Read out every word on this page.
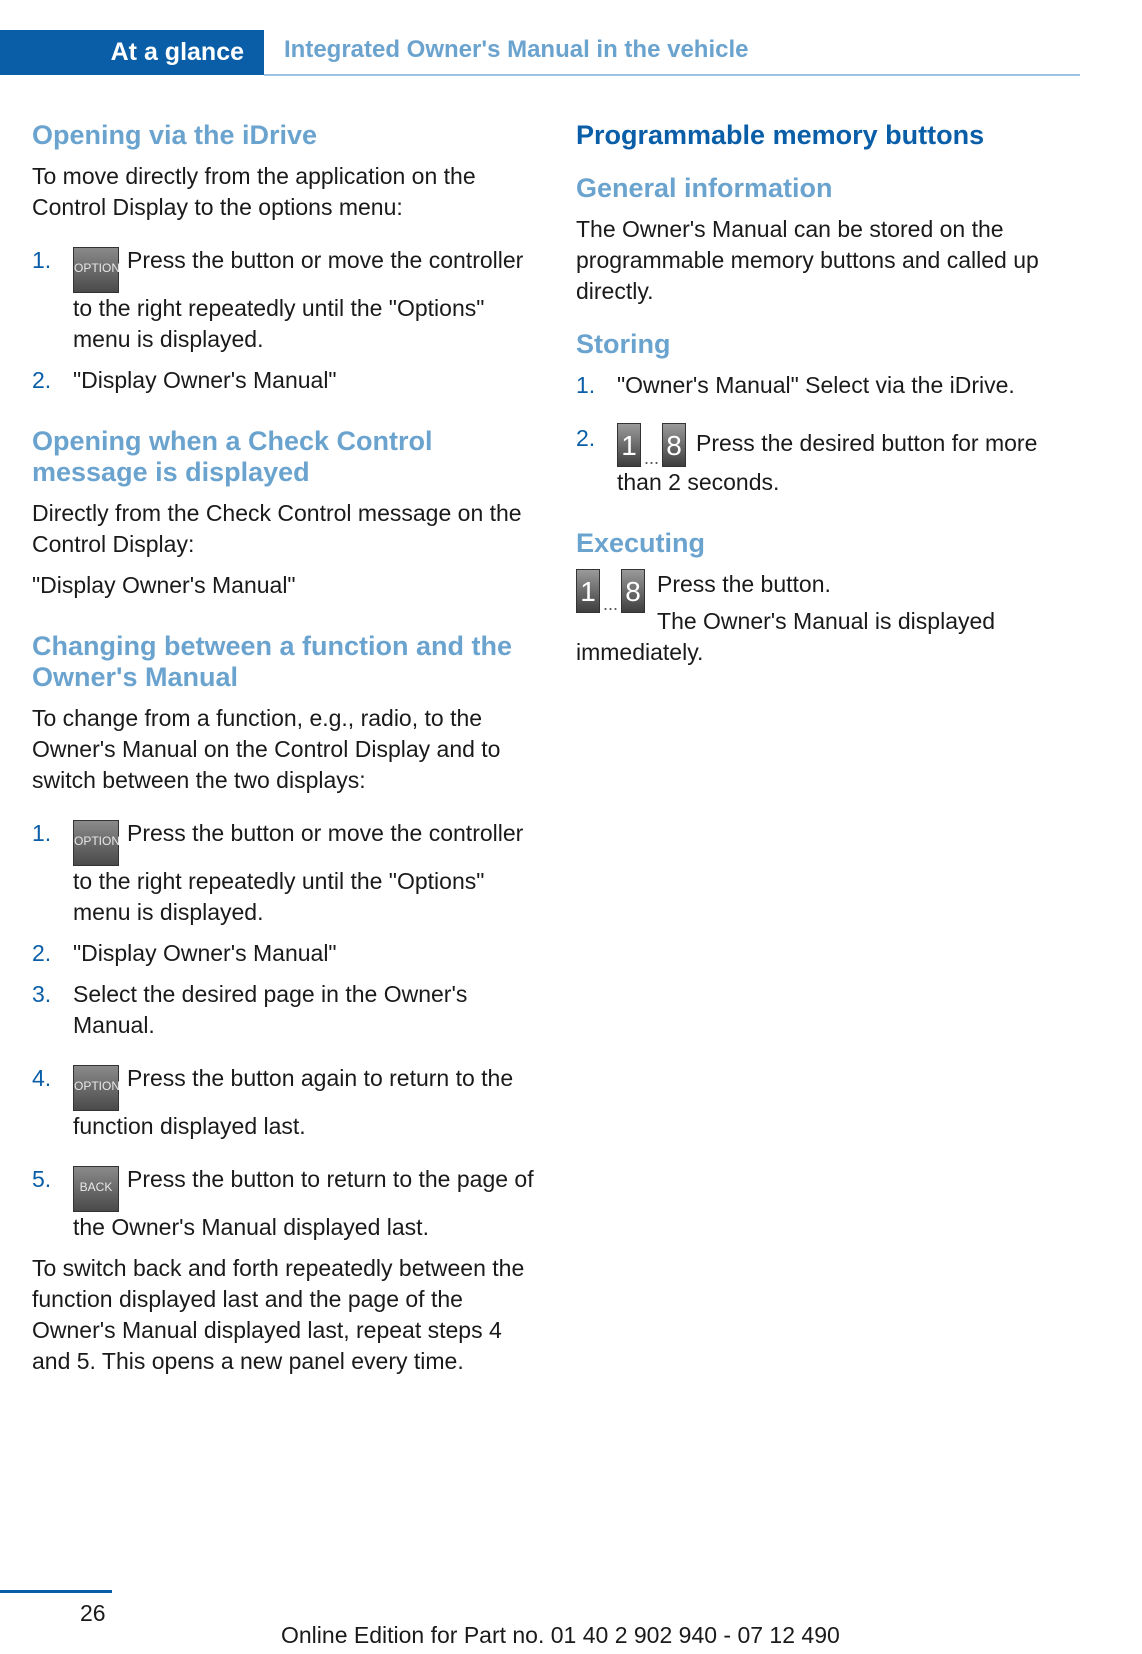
At a glance Integrated Owner's Manual in the vehicle
Opening via the iDrive

To move directly from the application on the Control Display to the options menu:

1. OPTION Press the button or move the controller to the right repeatedly until the "Options" menu is displayed.
2. "Display Owner's Manual"
Opening when a Check Control message is displayed

Directly from the Check Control message on the Control Display:

"Display Owner's Manual"

Changing between a function and the Owner's Manual

To change from a function, e.g., radio, to the Owner's Manual on the Control Display and to switch between the two displays:

1. OPTION Press the button or move the controller to the right repeatedly until the "Options" menu is displayed.
2. "Display Owner's Manual"
3. Select the desired page in the Owner's Manual.
4. OPTION Press the button again to return to the function displayed last.
5. BACK Press the button to return to the page of the Owner's Manual displayed last.

To switch back and forth repeatedly between the function displayed last and the page of the Owner's Manual displayed last, repeat steps 4 and 5. This opens a new panel every time.

Programmable memory buttons
General information

The Owner's Manual can be stored on the programmable memory buttons and called up directly.

Storing
1. "Owner's Manual" Select via the iDrive.
2. 1 ... 8 Press the desired button for more than 2 seconds.
Executing
1 ... 8 Press the button.
The Owner's Manual is displayed immediately.
26
Online Edition for Part no. 01 40 2 902 940 - 07 12 490
